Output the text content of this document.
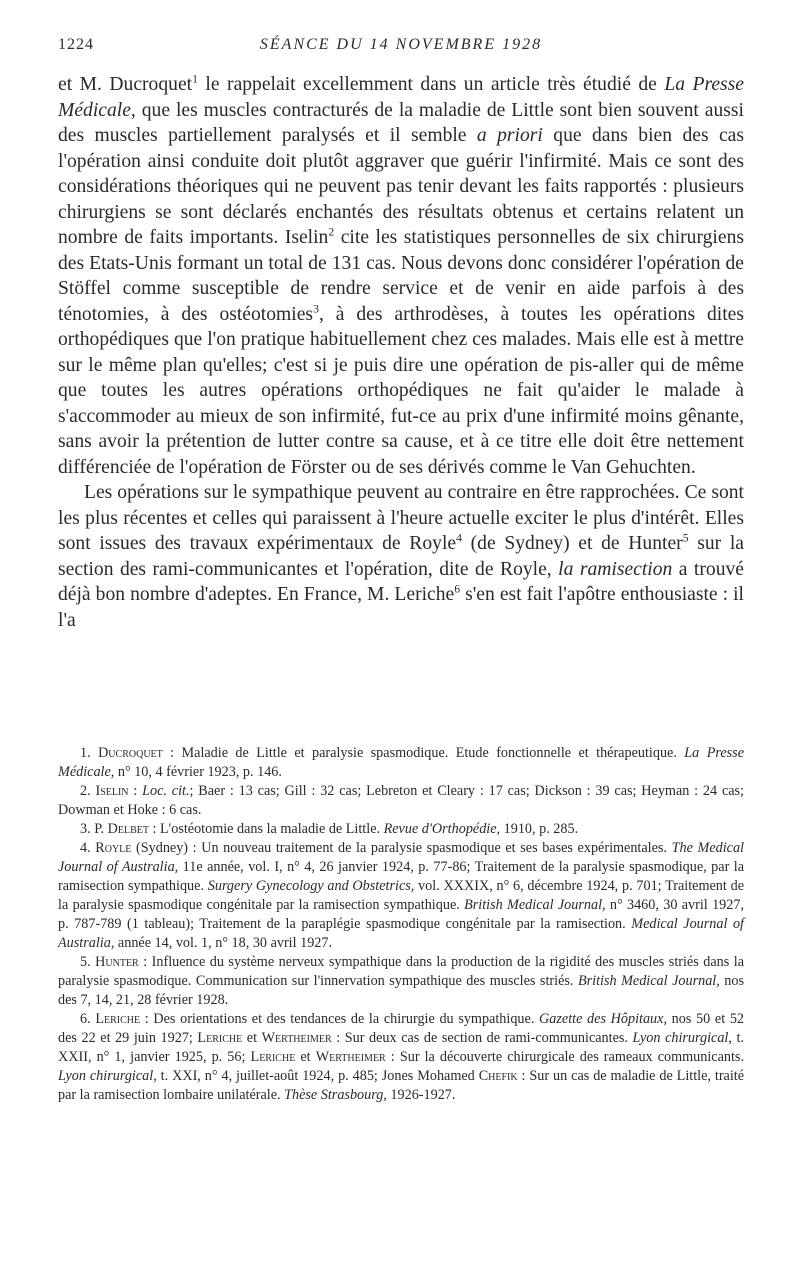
1224	SÉANCE DU 14 NOVEMBRE 1928

et M. Ducroquet$^1$ le rappelait excellemment dans un article très étudié de La Presse Médicale, que les muscles contracturés de la maladie de Little sont bien souvent aussi des muscles partiellement paralysés et il semble a priori que dans bien des cas l'opération ainsi conduite doit plutôt aggraver que guérir l'infirmité. Mais ce sont des considérations théoriques qui ne peuvent pas tenir devant les faits rapportés : plusieurs chirurgiens se sont déclarés enchantés des résultats obtenus et certains relatent un nombre de faits importants. Iselin$^2$ cite les statistiques personnelles de six chirurgiens des Etats-Unis formant un total de 131 cas. Nous devons donc considérer l'opération de Stöffel comme susceptible de rendre service et de venir en aide parfois à des ténotomies, à des ostéotomies$^3$, à des arthrodèses, à toutes les opérations dites orthopédiques que l'on pratique habituellement chez ces malades. Mais elle est à mettre sur le même plan qu'elles; c'est si je puis dire une opération de pis-aller qui de même que toutes les autres opérations orthopédiques ne fait qu'aider le malade à s'accommoder au mieux de son infirmité, fut-ce au prix d'une infirmité moins gênante, sans avoir la prétention de lutter contre sa cause, et à ce titre elle doit être nettement différenciée de l'opération de Förster ou de ses dérivés comme le Van Gehuchten.

Les opérations sur le sympathique peuvent au contraire en être rapprochées. Ce sont les plus récentes et celles qui paraissent à l'heure actuelle exciter le plus d'intérêt. Elles sont issues des travaux expérimentaux de Royle$^4$ (de Sydney) et de Hunter$^5$ sur la section des rami-communicantes et l'opération, dite de Royle, la ramisection a trouvé déjà bon nombre d'adeptes. En France, M. Leriche$^6$ s'en est fait l'apôtre enthousiaste : il l'a

1. Ducroquet : Maladie de Little et paralysie spasmodique. Etude fonctionnelle et thérapeutique. La Presse Médicale, n° 10, 4 février 1923, p. 146.

2. Iselin : Loc. cit.; Baer : 13 cas; Gill : 32 cas; Lebreton et Cleary : 17 cas; Dickson : 39 cas; Heyman : 24 cas; Dowman et Hoke : 6 cas.

3. P. Delbet : L'ostéotomie dans la maladie de Little. Revue d'Orthopédie, 1910, p. 285.

4. Royle (Sydney) : Un nouveau traitement de la paralysie spasmodique et ses bases expérimentales. The Medical Journal of Australia, 11e année, vol. I, n° 4, 26 janvier 1924, p. 77-86; Traitement de la paralysie spasmodique, par la ramisection sympathique. Surgery Gynecology and Obstetrics, vol. XXXIX, n° 6, décembre 1924, p. 701; Traitement de la paralysie spasmodique congénitale par la ramisection sympathique. British Medical Journal, n° 3460, 30 avril 1927, p. 787-789 (1 tableau); Traitement de la paraplégie spasmodique congénitale par la ramisection. Medical Journal of Australia, année 14, vol. 1, n° 18, 30 avril 1927.

5. Hunter : Influence du système nerveux sympathique dans la production de la rigidité des muscles striés dans la paralysie spasmodique. Communication sur l'innervation sympathique des muscles striés. British Medical Journal, nos des 7, 14, 21, 28 février 1928.

6. Leriche : Des orientations et des tendances de la chirurgie du sympathique. Gazette des Hôpitaux, nos 50 et 52 des 22 et 29 juin 1927; Leriche et Wertheimer : Sur deux cas de section de rami-communicantes. Lyon chirurgical, t. XXII, n° 1, janvier 1925, p. 56; Leriche et Wertheimer : Sur la découverte chirurgicale des rameaux communicants. Lyon chirurgical, t. XXI, n° 4, juillet-août 1924, p. 485; Jones Mohamed Chefik : Sur un cas de maladie de Little, traité par la ramisection lombaire unilatérale. Thèse Strasbourg, 1926-1927.
